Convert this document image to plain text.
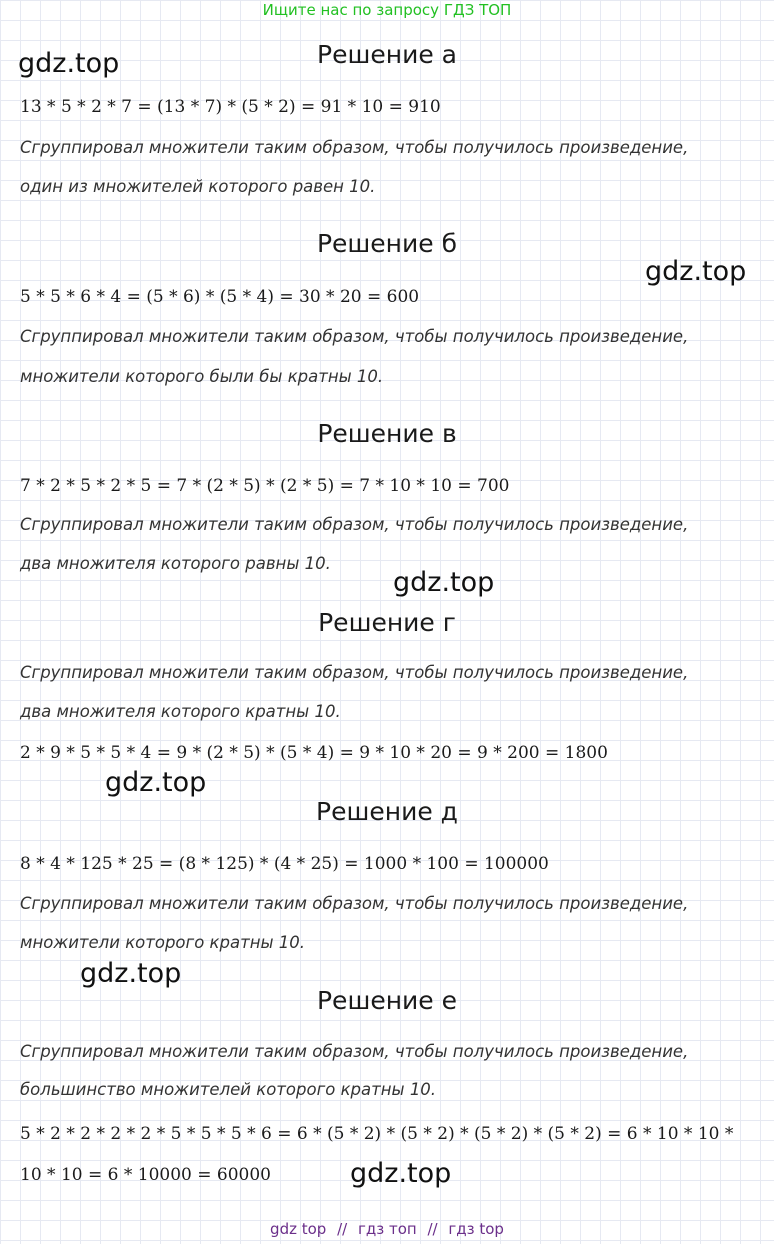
Ищите нас по запросу ГДЗ ТОП
Решение а
13 * 5 * 2 * 7 = (13 * 7) * (5 * 2) = 91 * 10 = 910
Сгруппировал множители таким образом, чтобы получилось произведение,
один из множителей которого равен 10.
Решение б
5 * 5 * 6 * 4 = (5 * 6) * (5 * 4) = 30 * 20 = 600
Сгруппировал множители таким образом, чтобы получилось произведение,
множители которого были бы кратны 10.
Решение в
7 * 2 * 5 * 2 * 5 = 7 * (2 * 5) * (2 * 5) = 7 * 10 * 10 = 700
Сгруппировал множители таким образом, чтобы получилось произведение,
два множителя которого равны 10.
Решение г
Сгруппировал множители таким образом, чтобы получилось произведение,
два множителя которого кратны 10.
2 * 9 * 5 * 5 * 4 = 9 * (2 * 5) * (5 * 4) = 9 * 10 * 20 = 9 * 200 = 1800
Решение д
8 * 4 * 125 * 25 = (8 * 125) * (4 * 25) = 1000 * 100 = 100000
Сгруппировал множители таким образом, чтобы получилось произведение,
множители которого кратны 10.
Решение е
Сгруппировал множители таким образом, чтобы получилось произведение,
большинство множителей которого кратны 10.
5 * 2 * 2 * 2 * 2 * 5 * 5 * 5 * 6 = 6 * (5 * 2) * (5 * 2) * (5 * 2) * (5 * 2) = 6 * 10 * 10 *
10 * 10 = 6 * 10000 = 60000
gdz.top
gdz.top
gdz.top
gdz.top
gdz.top
gdz.top
gdz top // гдз топ // гдз top
